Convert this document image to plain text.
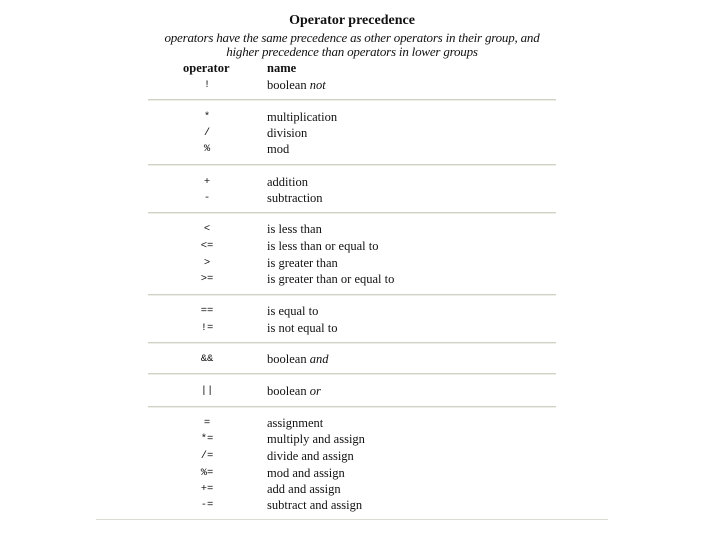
Operator precedence
operators have the same precedence as other operators in their group, and higher precedence than operators in lower groups
operator	name
!	boolean not
*	multiplication
/	division
%	mod
+	addition
-	subtraction
<	is less than
<=	is less than or equal to
>	is greater than
>=	is greater than or equal to
==	is equal to
!=	is not equal to
&&	boolean and
||	boolean or
=	assignment
*=	multiply and assign
/=	divide and assign
%=	mod and assign
+=	add and assign
-=	subtract and assign
